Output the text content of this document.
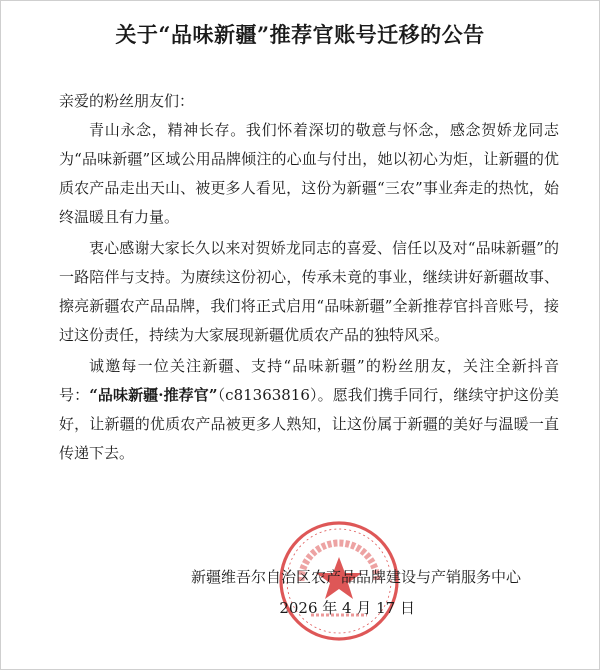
关于“品味新疆”推荐官账号迁移的公告

亲爱的粉丝朋友们：

青山永念，精神长存。我们怀着深切的敬意与怀念，感念贺娇龙同志为“品味新疆”区域公用品牌倾注的心血与付出，她以初心为炬，让新疆的优质农产品走出天山、被更多人看见，这份为新疆“三农”事业奔走的热忱，始终温暖且有力量。

衷心感谢大家长久以来对贺娇龙同志的喜爱、信任以及对“品味新疆”的一路陪伴与支持。为赓续这份初心，传承未竟的事业，继续讲好新疆故事、擦亮新疆农产品品牌，我们将正式启用“品味新疆”全新推荐官抖音账号，接过这份责任，持续为大家展现新疆优质农产品的独特风采。

诚邀每一位关注新疆、支持“品味新疆”的粉丝朋友，关注全新抖音号：“品味新疆·推荐官”（c81363816）。愿我们携手同行，继续守护这份美好，让新疆的优质农产品被更多人熟知，让这份属于新疆的美好与温暖一直传递下去。

新疆维吾尔自治区农产品品牌建设与产销服务中心
2026 年 4 月 17 日
